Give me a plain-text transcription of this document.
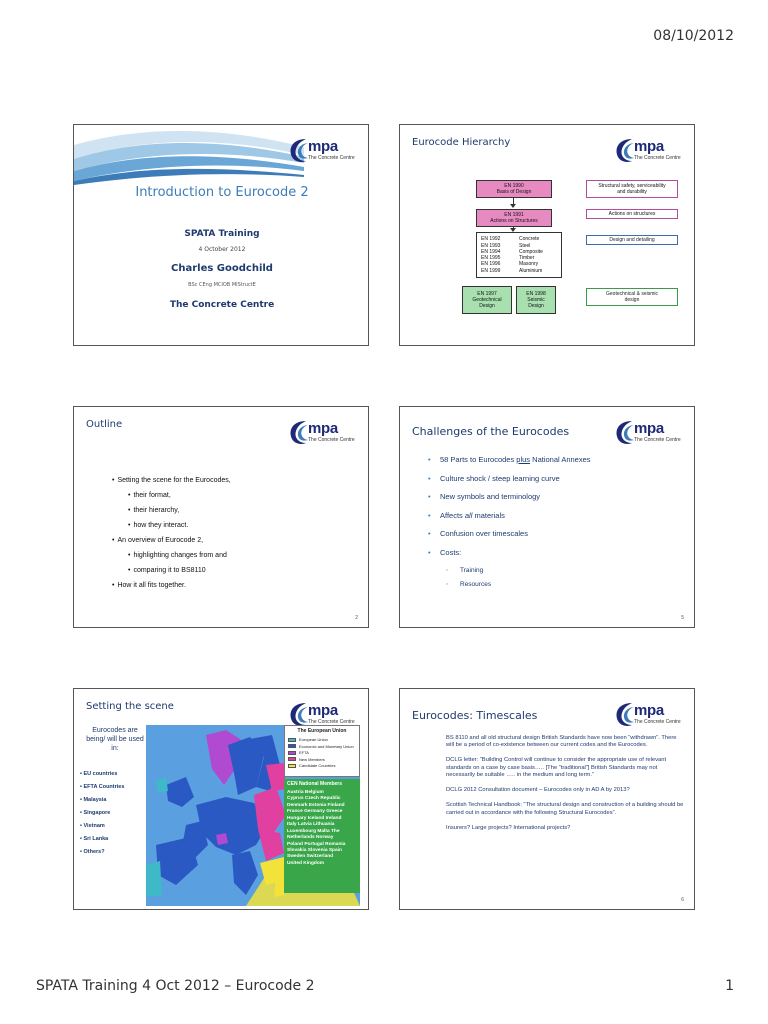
08/10/2012
mpa
The Concrete Centre
Introduction to Eurocode 2
SPATA Training
4 October 2012
Charles Goodchild
BSc CEng MCIOB MIStructE
The Concrete Centre
Eurocode Hierarchy	mpa
The Concrete Centre
EN 1990
Basis of Design
EN 1991
Actions on Structures
EN 1992	Concrete
EN 1993	Steel
EN 1994	Composite
EN 1995	Timber
EN 1996	Masonry
EN 1999	Aluminium
EN 1997
Geotechnical
Design
EN 1998
Seismic
Design
Structural safety, serviceability
and durability
Actions on structures
Design and detailing
Geotechnical & seismic
design
Outline	mpa
The Concrete Centre
• Setting the scene for the Eurocodes,
• their format,
• their hierarchy,
• how they interact.
• An overview of Eurocode 2,
• highlighting changes from and
• comparing it to BS8110
• How it all fits together.
2
Challenges of the Eurocodes	mpa
The Concrete Centre
• 58 Parts to Eurocodes plus National Annexes
• Culture shock / steep learning curve
• New symbols and terminology
• Affects all materials
• Confusion over timescales
• Costs:
◦ Training
◦ Resources
5
Setting the scene	mpa
The Concrete Centre
Eurocodes are being/ will be used in:
• EU countries
• EFTA Countries
• Malaysia
• Singapore
• Vietnam
• Sri Lanka
• Others?
The European Union
European Union
Economic and Monetary Union
EFTA
New Members
Candidate Countries
CEN National Members
Austria Belgium
Cyprus Czech Republic
Denmark Estonia Finland
France Germany Greece
Hungary Iceland Ireland
Italy Latvia Lithuania
Luxembourg Malta The
Netherlands Norway
Poland Portugal Romania
Slovakia Slovenia Spain
Sweden Switzerland
United Kingdom
Eurocodes: Timescales	mpa
The Concrete Centre
BS 8110 and all old structural design British Standards have now been “withdrawn”. There will be a period of co-existence between our current codes and the Eurocodes.
DCLG letter: “Building Control will continue to consider the appropriate use of relevant standards on a case by case basis….. [The “traditional”] British Standards may not necessarily be suitable ….. in the medium and long term.”
DCLG 2012 Consultation document – Eurocodes only in AD A by 2013?
Scottish Technical Handbook: “The structural design and construction of a building should be carried out in accordance with the following Structural Eurocodes”.
Insurers? Large projects? International projects?
6
SPATA Training 4 Oct 2012 – Eurocode 2	1
